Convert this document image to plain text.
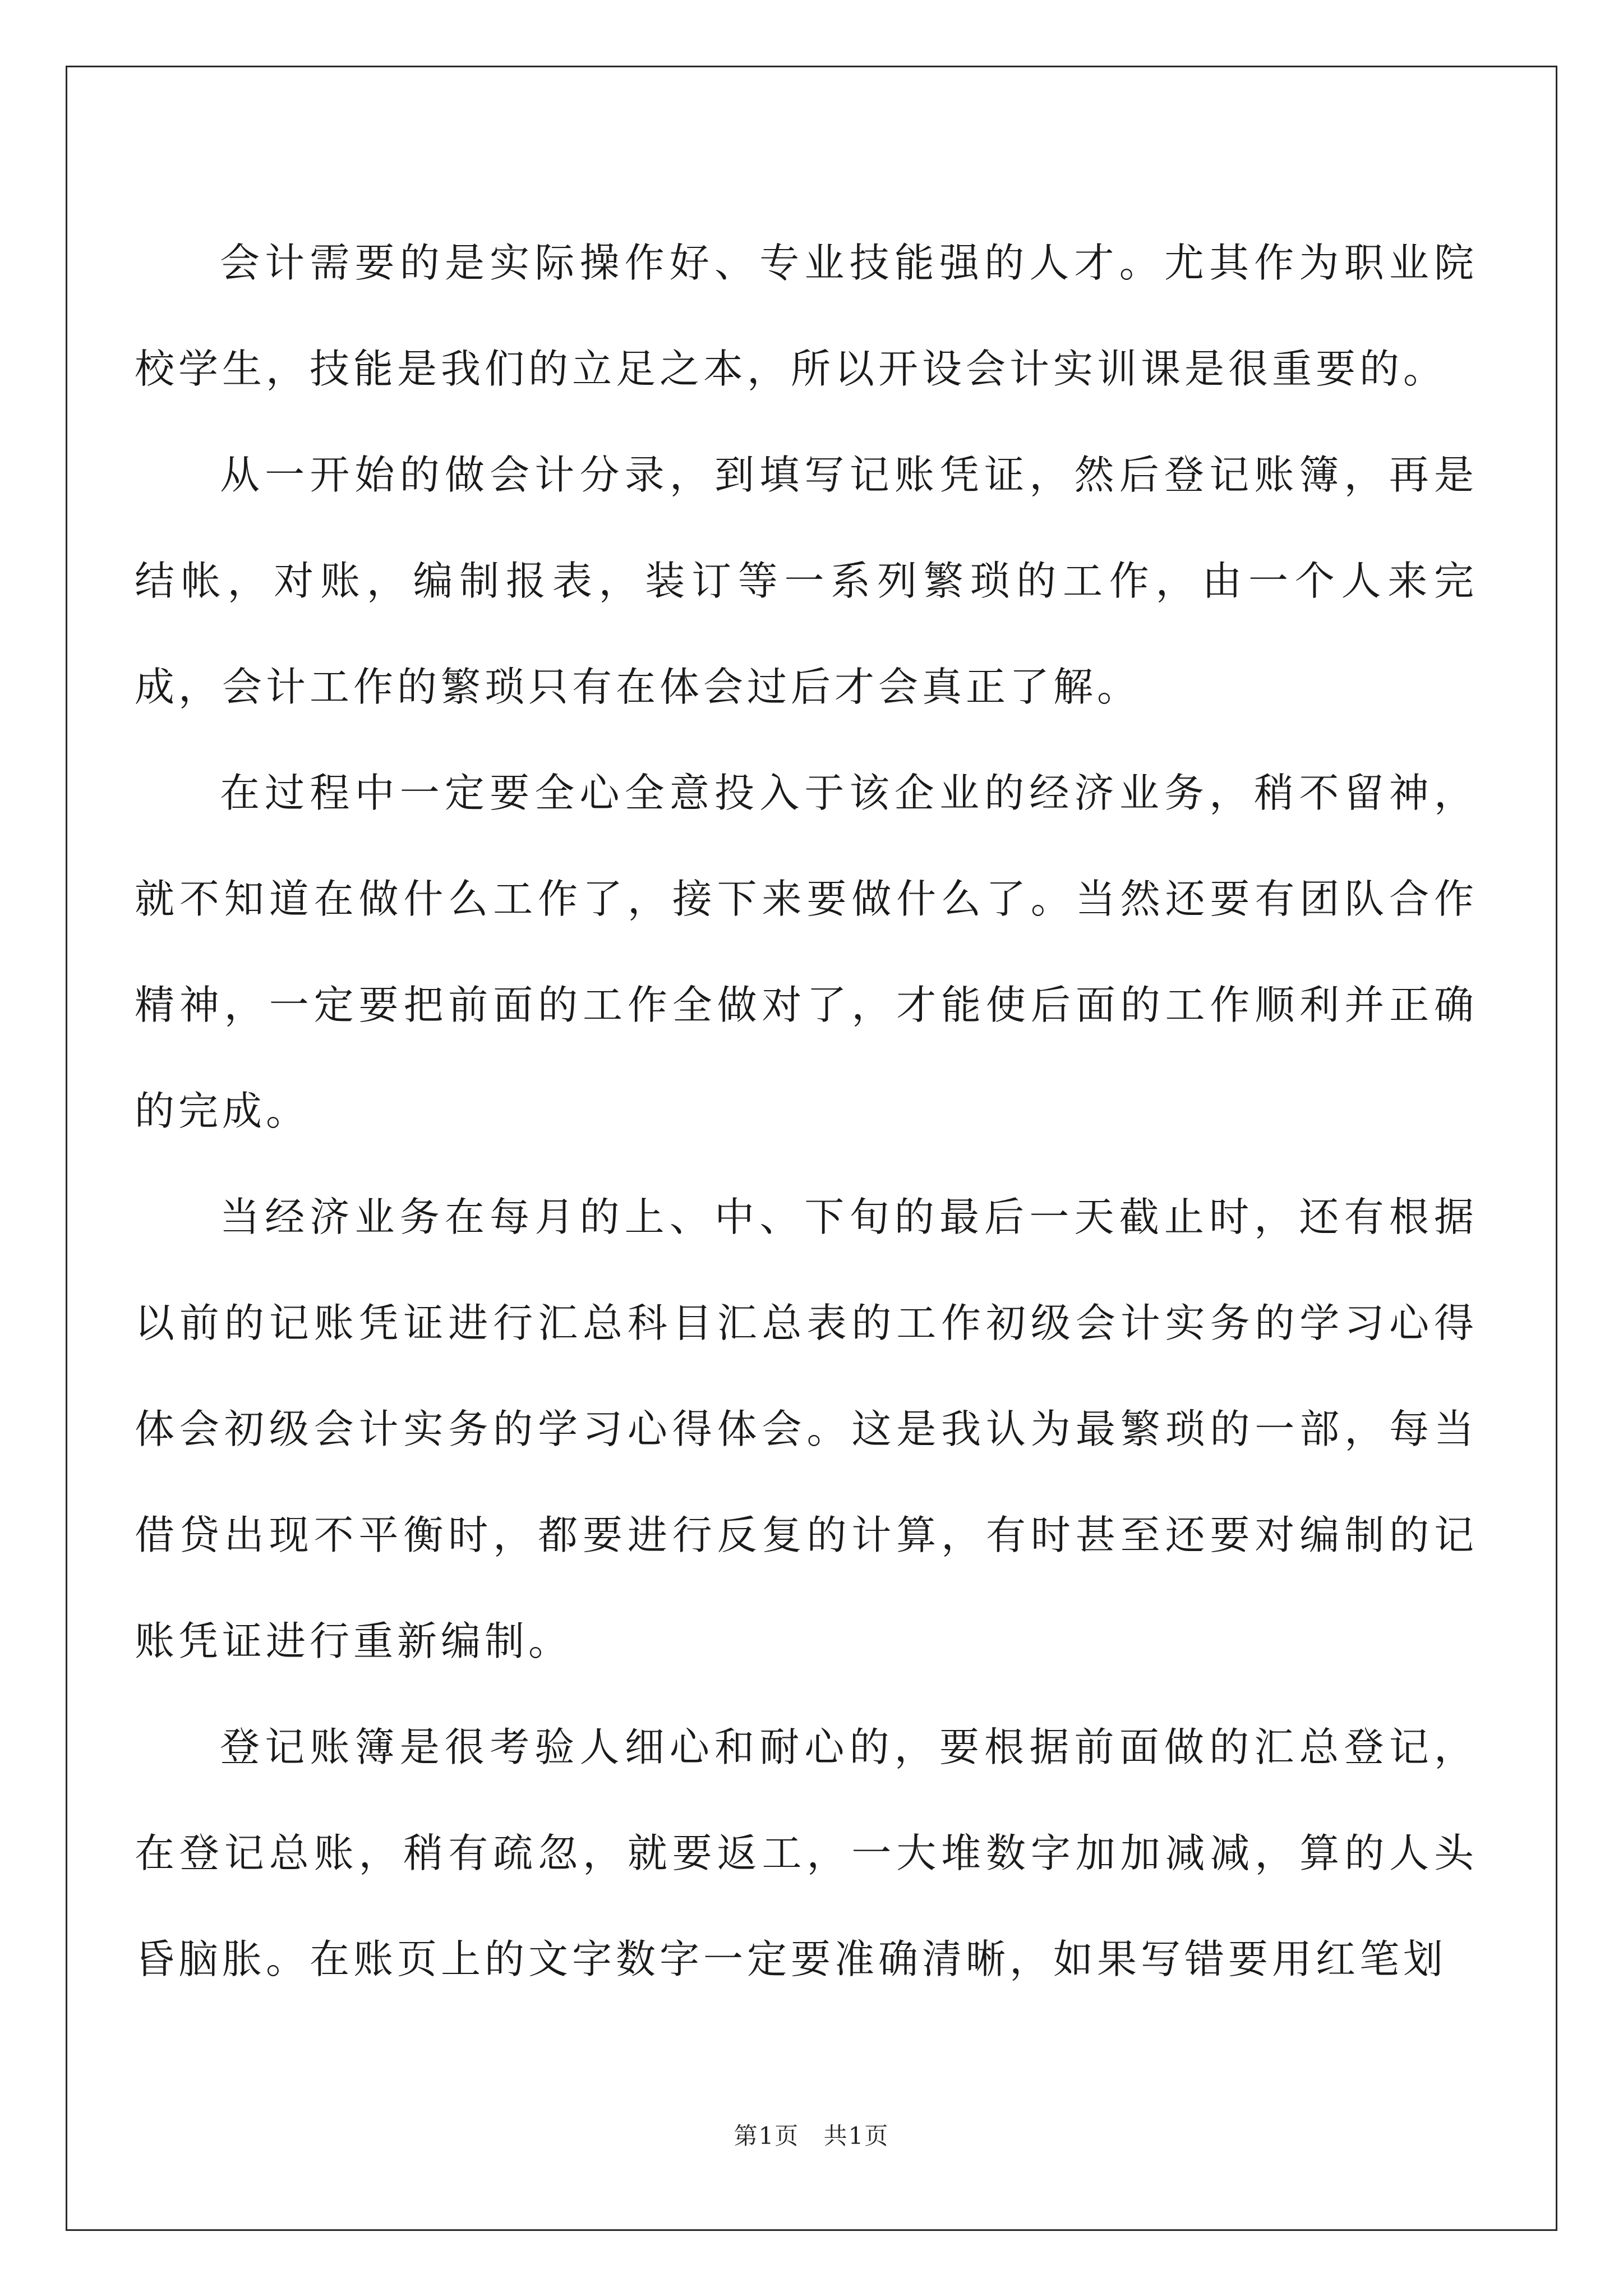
会计需要的是实际操作好、专业技能强的人才。尤其作为职业院校学生，技能是我们的立足之本，所以开设会计实训课是很重要的。

从一开始的做会计分录，到填写记账凭证，然后登记账簿，再是结帐，对账，编制报表，装订等一系列繁琐的工作，由一个人来完成，会计工作的繁琐只有在体会过后才会真正了解。

在过程中一定要全心全意投入于该企业的经济业务，稍不留神，就不知道在做什么工作了，接下来要做什么了。当然还要有团队合作精神，一定要把前面的工作全做对了，才能使后面的工作顺利并正确的完成。

当经济业务在每月的上、中、下旬的最后一天截止时，还有根据以前的记账凭证进行汇总科目汇总表的工作初级会计实务的学习心得体会初级会计实务的学习心得体会。这是我认为最繁琐的一部，每当借贷出现不平衡时，都要进行反复的计算，有时甚至还要对编制的记账凭证进行重新编制。

登记账簿是很考验人细心和耐心的，要根据前面做的汇总登记，在登记总账，稍有疏忽，就要返工，一大堆数字加加减减，算的人头昏脑胀。在账页上的文字数字一定要准确清晰，如果写错要用红笔划

第1页 共1页
